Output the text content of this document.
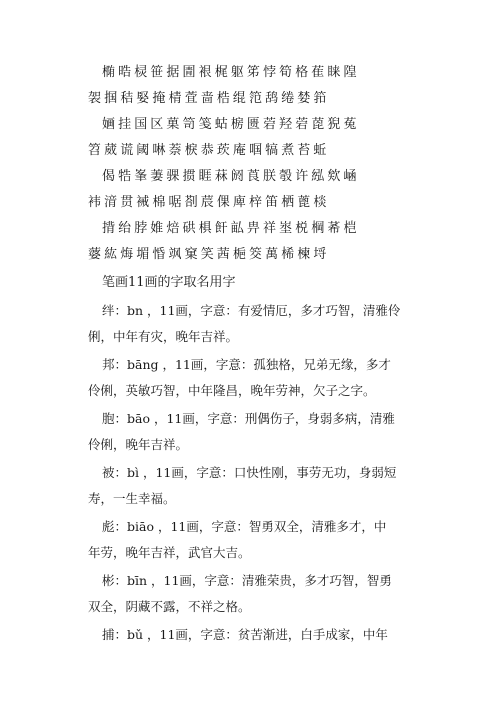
椭晧棂笹据圊裉梶躯笫悖筍格萑睐隍
袈掴秸婜掩棈萓啬梏绲笵鸹绻婪筘
婳挂国区菓笥笺蛄椖匮菪羟菪萞猊菟
笤葳谎阈啉萘棙恭莰庵啯犒煮苔蚯
偈牿峯萋骒掼睚菻阏莨朕彀许紭欸崡
袆湇贯裓棉啹剳莀倮庳梓笛栖蓖棪
揹绐脖婎焙硔椇飦畆畁祥埊棁棡莃桤
蔢紘烸堳惛飒窠笑茜梔筊萬桸楝埒
笔画11画的字取名用字
绊：bn ，11画，字意：有爱情厄，多才巧智，清雅伶
俐，中年有灾，晚年吉祥。
邦：bāng ，11画，字意：孤独格，兄弟无缘，多才
伶俐，英敏巧智，中年隆昌，晚年劳神，欠子之字。
胞：bāo ，11画，字意：刑偶伤子，身弱多病，清雅
伶俐，晚年吉祥。
被：bì ，11画，字意：口快性刚，事劳无功，身弱短
寿，一生幸福。
彪：biāo ，11画，字意：智勇双全，清雅多才，中
年劳，晚年吉祥，武官大吉。
彬：bīn ，11画，字意：清雅荣贵，多才巧智，智勇
双全，阴藏不露，不祥之格。
捕：bǔ ，11画，字意：贫苦渐进，白手成家，中年
